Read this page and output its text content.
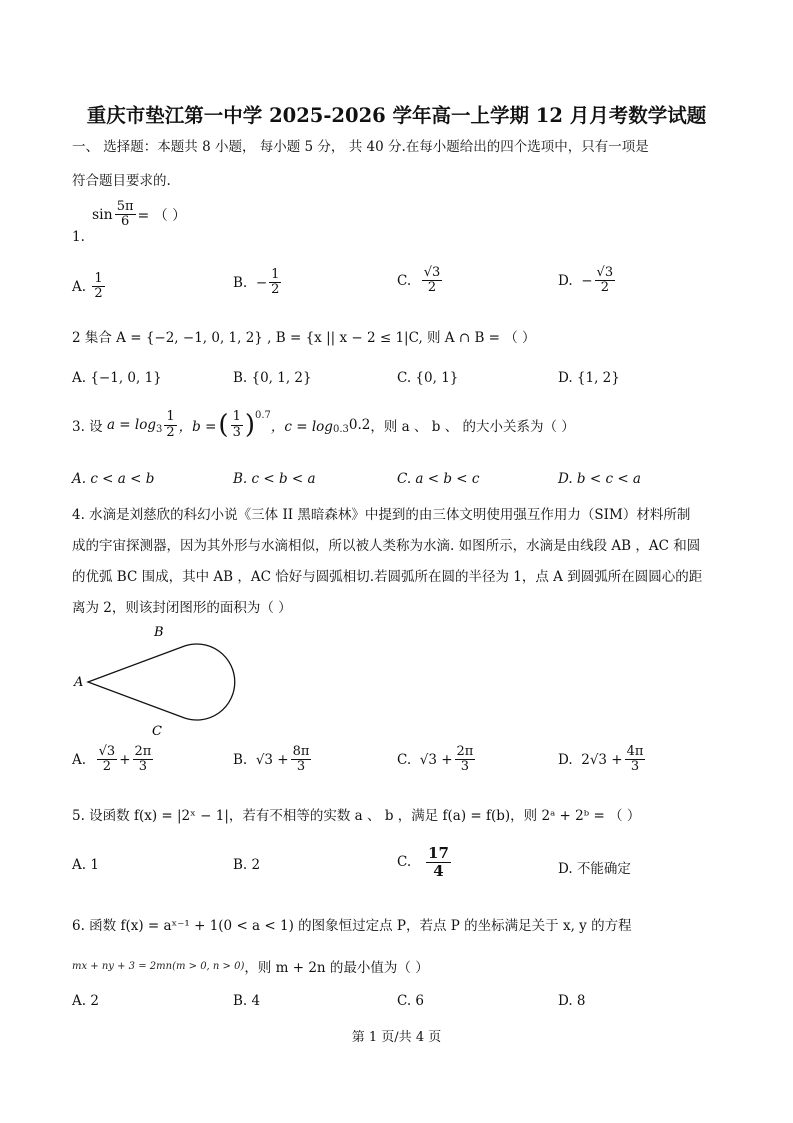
重庆市垫江第一中学 2025-2026 学年高一上学期 12 月月考数学试题
一、 选择题：本题共 8 小题， 每小题 5 分， 共 40 分.在每小题给出的四个选项中，只有一项是
符合题目要求的.
1.
$\sin \frac{5\pi}{6}$ = （ ）
A.
$\frac{1}{2}$	B.
− $\frac{1}{2}$	C.
$\frac{√3}{2}$	D.
− $\frac{√3}{2}$
2 集合 A = {−2, −1, 0, 1, 2} , B = {x || x − 2 ≤ 1|C, 则 A ∩ B = （ ）
A. {−1, 0, 1}	B. {0, 1, 2}	C. {0, 1}	D. {1, 2}
3. 设
$a = \log_3 \frac{1}{2}$ ，b = ( $\frac{1}{3} )^{0.7}$
，$c = \log_{0.3} 0.2$ ，则 a 、 b 、 的大小关系为（ ）
A. c < a < b	B. c < b < a	C. a < b < c	D. b < c < a
4. 水滴是刘慈欣的科幻小说《三体 II 黑暗森林》中提到的由三体文明使用强互作用力（SIM）材料所制
成的宇宙探测器，因为其外形与水滴相似，所以被人类称为水滴. 如图所示，水滴是由线段 AB ，AC 和圆
的优弧 BC 围成，其中 AB ，AC 恰好与圆弧相切.若圆弧所在圆的半径为 1，点 A 到圆弧所在圆圆心的距
离为 2，则该封闭图形的面积为（ ）
A
B
C
A.
$\frac{√3}{2} + \frac{2\pi}{3}$	B.
$√3 + \frac{8\pi}{3}$	C.
$√3 + \frac{2\pi}{3}$	D.
$2√3 + \frac{4\pi}{3}$
5. 设函数 f(x) = |2ˣ − 1|，若有不相等的实数 a 、 b ，满足 f(a) = f(b)，则 2ᵃ + 2ᵇ = （ ）
A. 1	B. 2	C.
$\frac{17}{4}$	D. 不能确定
6. 函数 f(x) = aˣ⁻¹ + 1(0 < a < 1) 的图象恒过定点 P，若点 P 的坐标满足关于 x, y 的方程
mx + ny + 3 = 2mn(m > 0, n > 0) ，则 m + 2n 的最小值为（ ）
A. 2	B. 4	C. 6	D. 8
第 1 页/共 4 页
